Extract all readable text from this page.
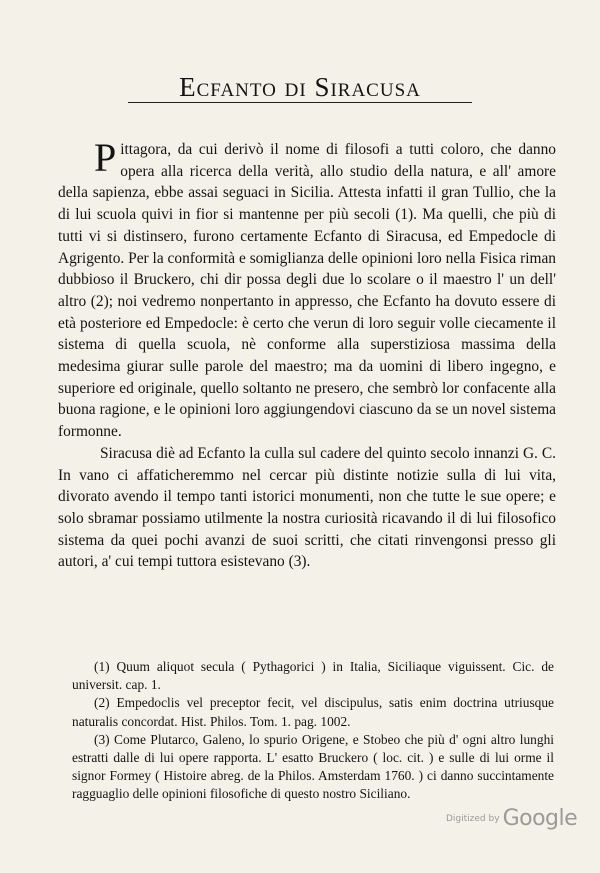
Ecfanto di Siracusa

Pittagora, da cui derivò il nome di filosofi a tutti coloro, che danno opera alla ricerca della verità, allo studio della natura, e all' amore della sapienza, ebbe assai seguaci in Sicilia. Attesta infatti il gran Tullio, che la di lui scuola quivi in fior si mantenne per più secoli (1). Ma quelli, che più di tutti vi si distinsero, furono certamente Ecfanto di Siracusa, ed Empedocle di Agrigento. Per la conformità e somiglianza delle opinioni loro nella Fisica riman dubbioso il Bruckero, chi dir possa degli due lo scolare o il maestro l' un dell' altro (2); noi vedremo nonpertanto in appresso, che Ecfanto ha dovuto essere di età posteriore ed Empedocle: è certo che verun di loro seguir volle ciecamente il sistema di quella scuola, nè conforme alla superstiziosa massima della medesima giurar sulle parole del maestro; ma da uomini di libero ingegno, e superiore ed originale, quello soltanto ne presero, che sembrò lor confacente alla buona ragione, e le opinioni loro aggiungendovi ciascuno da se un novel sistema formonne.

Siracusa diè ad Ecfanto la culla sul cadere del quinto secolo innanzi G. C. In vano ci affaticheremmo nel cercar più distinte notizie sulla di lui vita, divorato avendo il tempo tanti istorici monumenti, non che tutte le sue opere; e solo sbramar possiamo utilmente la nostra curiosità ricavando il di lui filosofico sistema da quei pochi avanzi de suoi scritti, che citati rinvengonsi presso gli autori, a' cui tempi tuttora esistevano (3).

(1) Quum aliquot secula ( Pythagorici ) in Italia, Siciliaque viguissent. Cic. de universit. cap. 1.

(2) Empedoclis vel preceptor fecit, vel discipulus, satis enim doctrina utriusque naturalis concordat. Hist. Philos. Tom. 1. pag. 1002.

(3) Come Plutarco, Galeno, lo spurio Origene, e Stobeo che più d' ogni altro lunghi estratti dalle di lui opere rapporta. L' esatto Bruckero ( loc. cit. ) e sulle di lui orme il signor Formey ( Histoire abreg. de la Philos. Amsterdam 1760. ) ci danno succintamente ragguaglio delle opinioni filosofiche di questo nostro Siciliano.

$^{Digitized by}$ Google
